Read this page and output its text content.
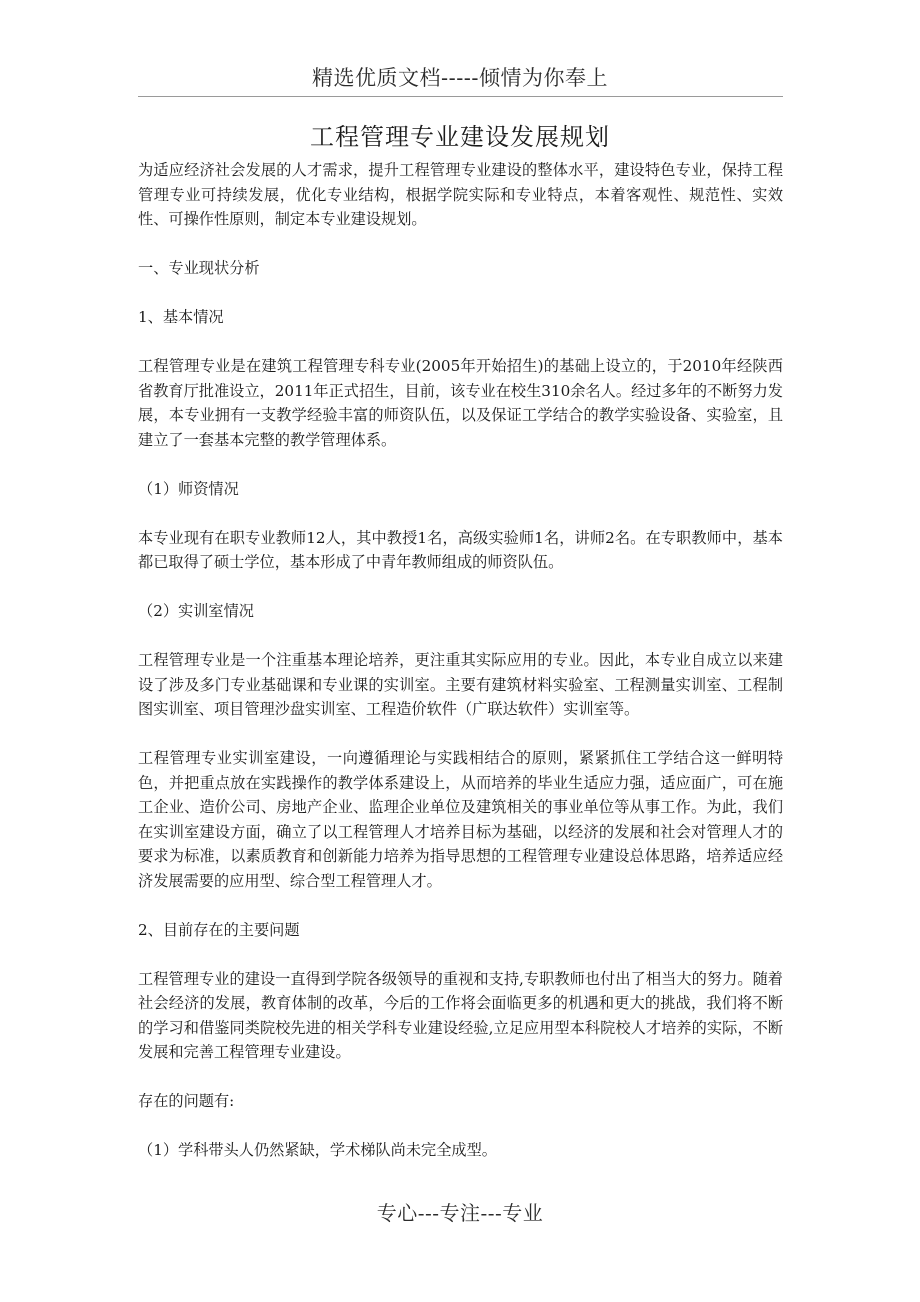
精选优质文档-----倾情为你奉上
工程管理专业建设发展规划

为适应经济社会发展的人才需求，提升工程管理专业建设的整体水平，建设特色专业，保持工程管理专业可持续发展，优化专业结构，根据学院实际和专业特点，本着客观性、规范性、实效性、可操作性原则，制定本专业建设规划。

一、专业现状分析

1、基本情况

工程管理专业是在建筑工程管理专科专业(2005年开始招生)的基础上设立的，于2010年经陕西省教育厅批准设立，2011年正式招生，目前，该专业在校生310余名人。经过多年的不断努力发展，本专业拥有一支教学经验丰富的师资队伍，以及保证工学结合的教学实验设备、实验室，且建立了一套基本完整的教学管理体系。

（1）师资情况

本专业现有在职专业教师12人，其中教授1名，高级实验师1名，讲师2名。在专职教师中，基本都已取得了硕士学位，基本形成了中青年教师组成的师资队伍。

（2）实训室情况

工程管理专业是一个注重基本理论培养，更注重其实际应用的专业。因此，本专业自成立以来建设了涉及多门专业基础课和专业课的实训室。主要有建筑材料实验室、工程测量实训室、工程制图实训室、项目管理沙盘实训室、工程造价软件（广联达软件）实训室等。

工程管理专业实训室建设，一向遵循理论与实践相结合的原则，紧紧抓住工学结合这一鲜明特色，并把重点放在实践操作的教学体系建设上，从而培养的毕业生适应力强，适应面广，可在施工企业、造价公司、房地产企业、监理企业单位及建筑相关的事业单位等从事工作。为此，我们在实训室建设方面，确立了以工程管理人才培养目标为基础，以经济的发展和社会对管理人才的要求为标准，以素质教育和创新能力培养为指导思想的工程管理专业建设总体思路，培养适应经济发展需要的应用型、综合型工程管理人才。

2、目前存在的主要问题

工程管理专业的建设一直得到学院各级领导的重视和支持,专职教师也付出了相当大的努力。随着社会经济的发展，教育体制的改革，今后的工作将会面临更多的机遇和更大的挑战，我们将不断的学习和借鉴同类院校先进的相关学科专业建设经验,立足应用型本科院校人才培养的实际，不断发展和完善工程管理专业建设。

存在的问题有:

（1）学科带头人仍然紧缺，学术梯队尚未完全成型。

专心---专注---专业
